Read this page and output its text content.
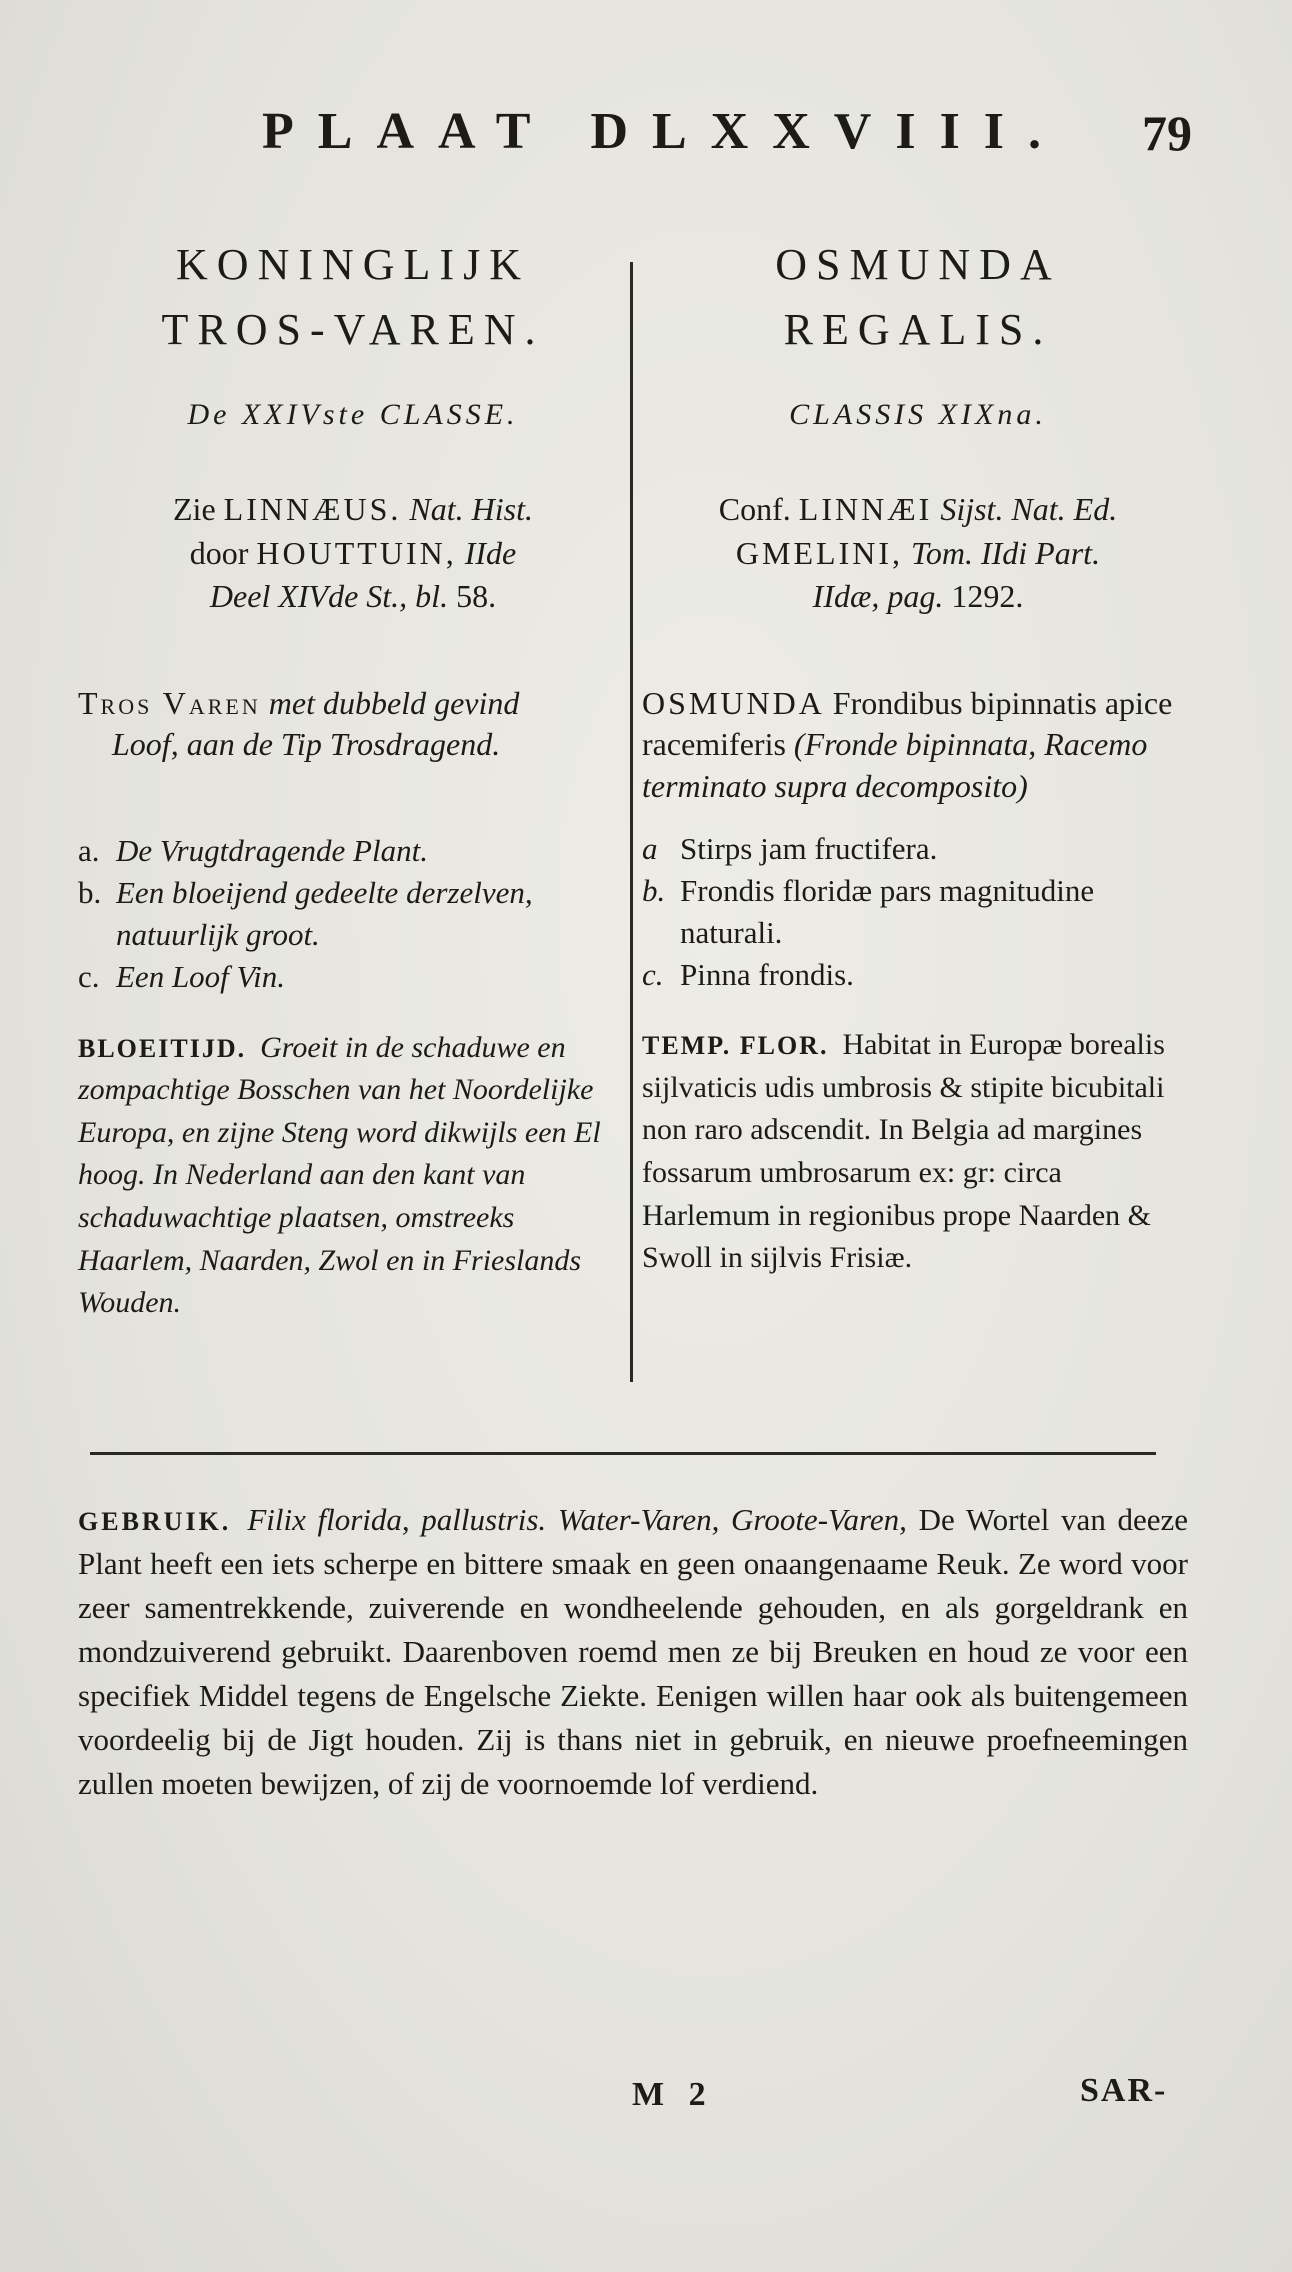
PLAAT DLXXVIII. 79
KONINGLIJK
TROS-VAREN.
De XXIVste CLASSE.
Zie LINNÆUS. Nat. Hist.
door HOUTTUIN, IIde
Deel XIVde St., bl. 58.
Tros Varen met dubbeld gevind
Loof, aan de Tip Trosdragend.
a. De Vrugtdragende Plant.
b. Een bloeijend gedeelte derzelven, natuurlijk groot.
c. Een Loof Vin.
BLOEITIJD. Groeit in de schaduwe en zompachtige Bosschen van het Noordelijke Europa, en zijne Steng word dikwijls een El hoog. In Nederland aan den kant van schaduwachtige plaatsen, omstreeks Haarlem, Naarden, Zwol en in Frieslands Wouden.
OSMUNDA
REGALIS.
CLASSIS XIXna.
Conf. LINNÆI Sijst. Nat. Ed.
GMELINI, Tom. IIdi Part.
IIdæ, pag. 1292.
OSMUNDA Frondibus bipinnatis apice racemiferis (Fronde bipinnata, Racemo terminato supra decomposito)
a Stirps jam fructifera.
b. Frondis floridæ pars magnitudine naturali.
c. Pinna frondis.
TEMP. FLOR. Habitat in Europæ borealis sijlvaticis udis umbrosis & stipite bicubitali non raro adscendit. In Belgia ad margines fossarum umbrosarum ex: gr: circa Harlemum in regionibus prope Naarden & Swoll in sijlvis Frisiæ.
GEBRUIK. Filix florida, pallustris. Water-Varen, Groote-Varen, De Wortel van deeze Plant heeft een iets scherpe en bittere smaak en geen onaangenaame Reuk. Ze word voor zeer samentrekkende, zuiverende en wondheelende gehouden, en als gorgeldrank en mondzuiverend gebruikt. Daarenboven roemd men ze bij Breuken en houd ze voor een specifiek Middel tegens de Engelsche Ziekte. Eenigen willen haar ook als buitengemeen voordeelig bij de Jigt houden. Zij is thans niet in gebruik, en nieuwe proefneemingen zullen moeten bewijzen, of zij de voornoemde lof verdiend.
M 2	SAR-
